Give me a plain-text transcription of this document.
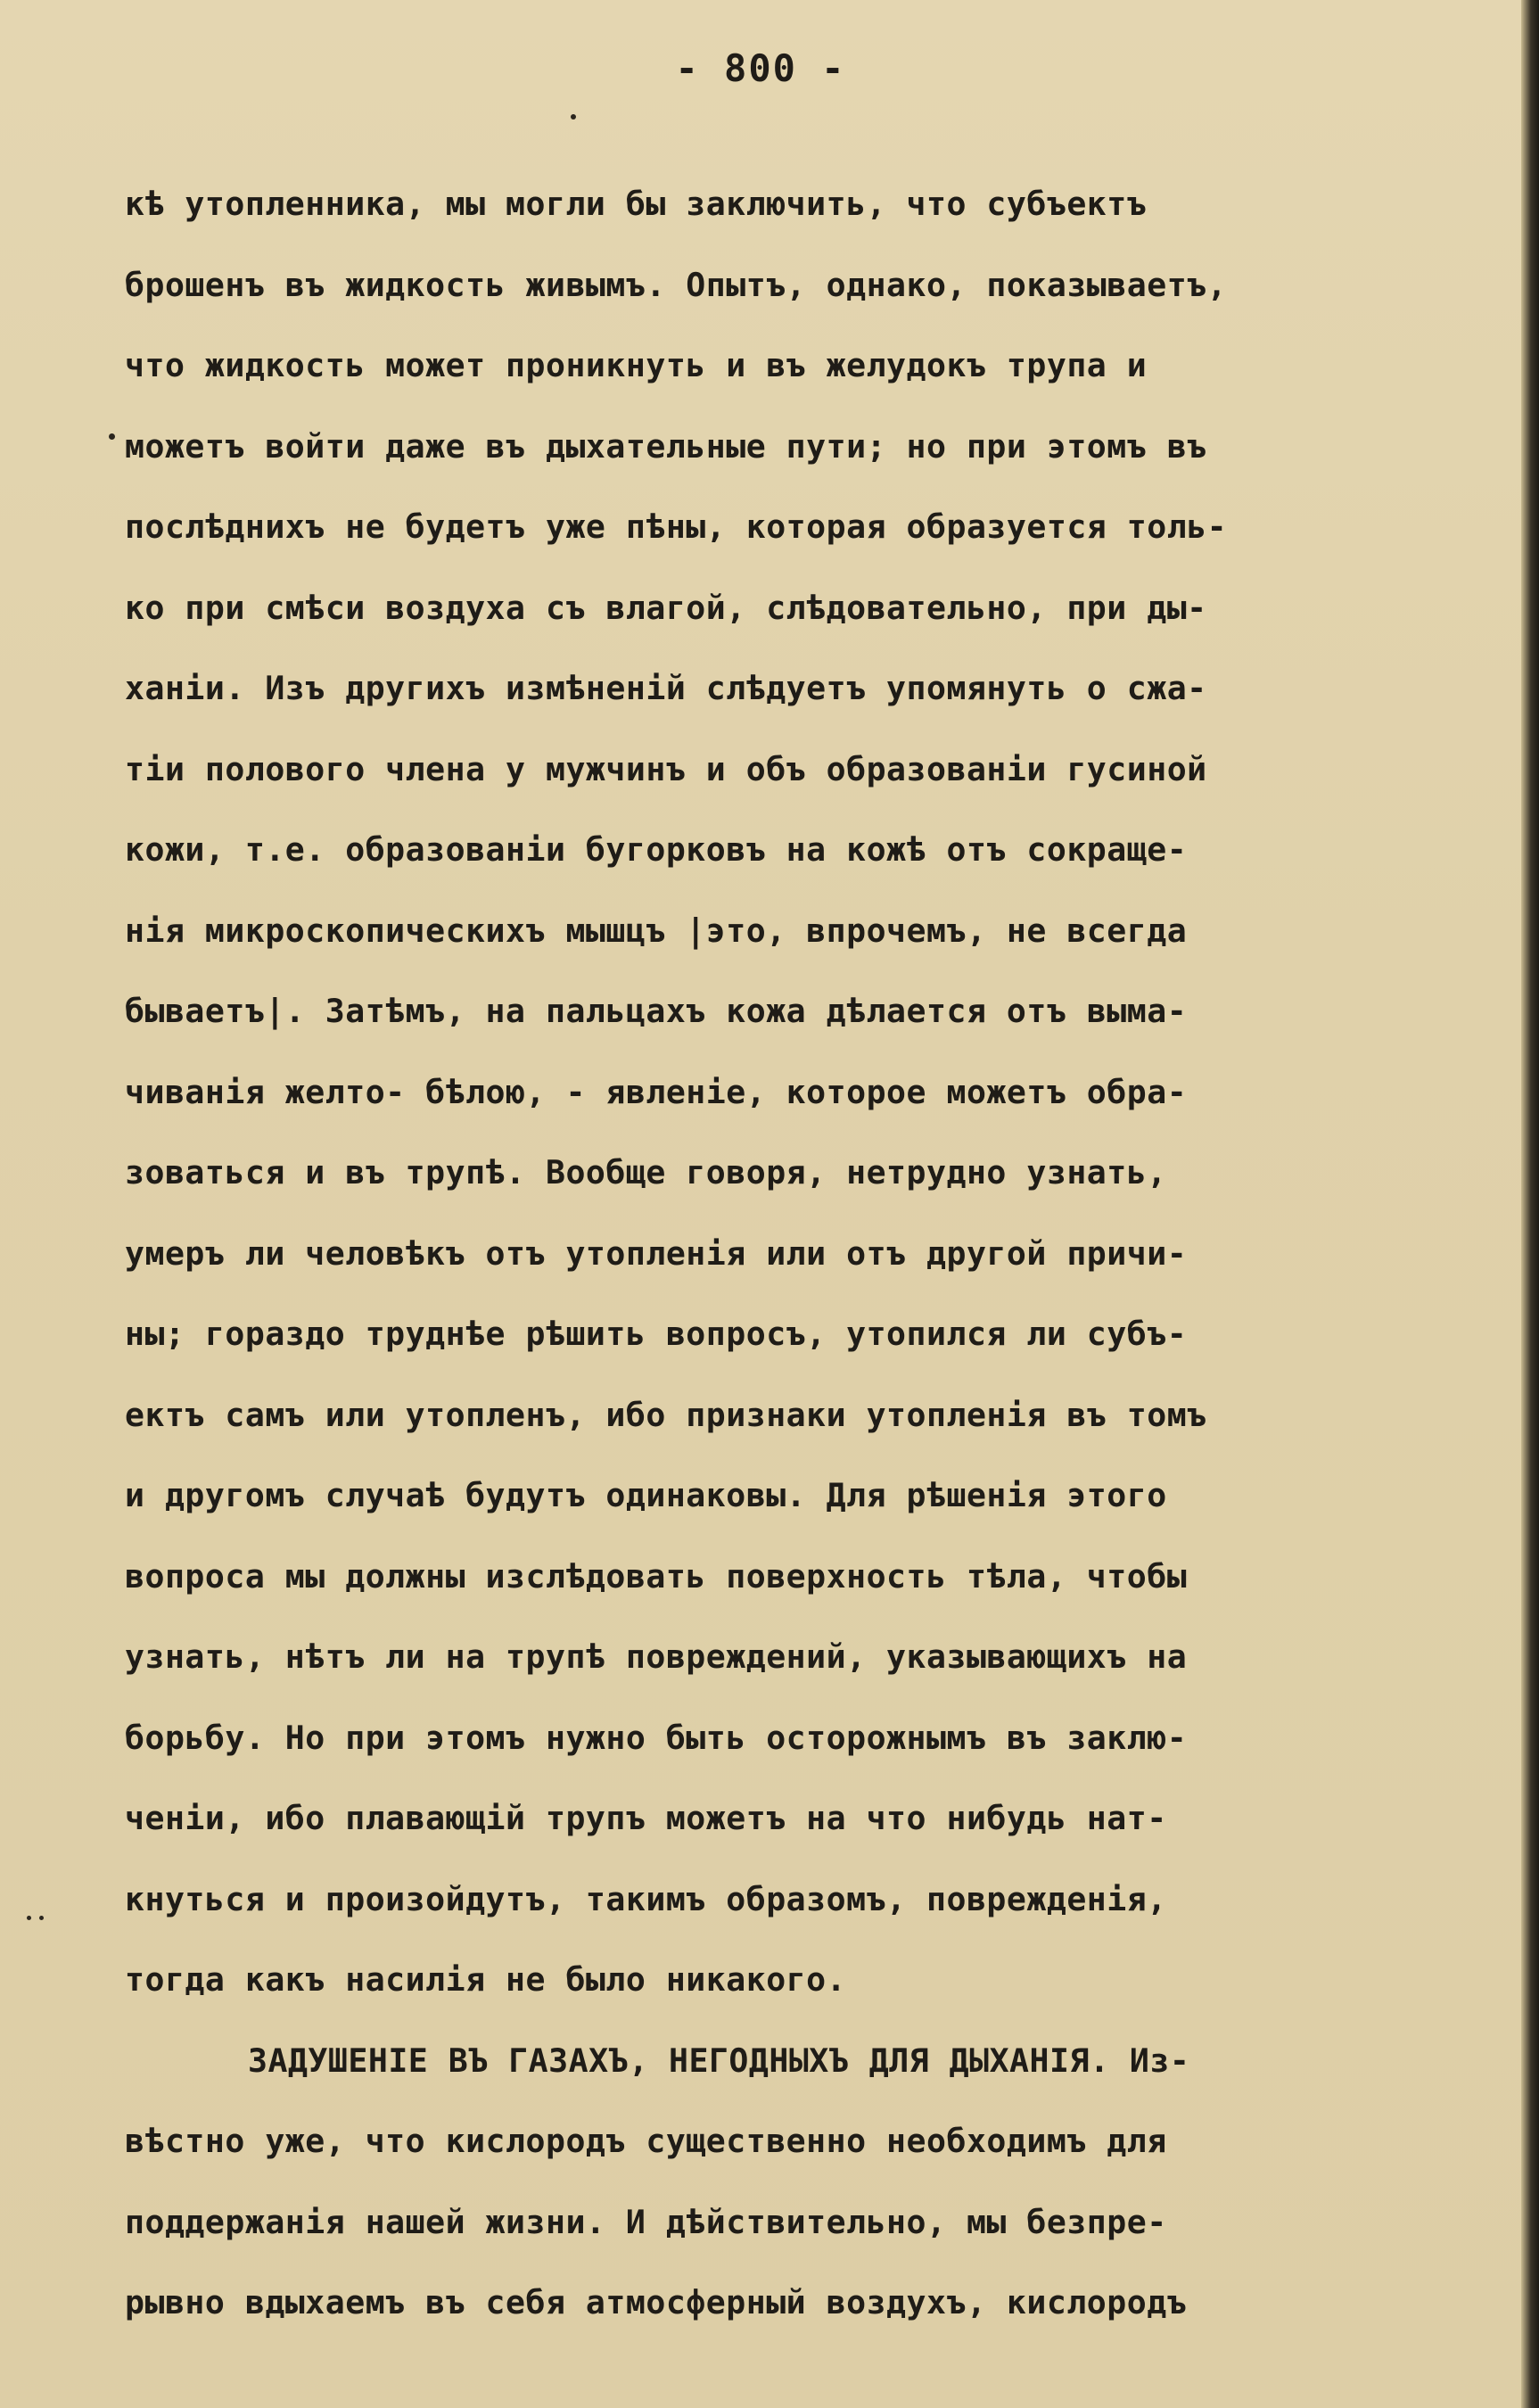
- 800 -
кѣ утопленника, мы могли бы заключить, что субъектъ
брошенъ въ жидкость живымъ. Опытъ, однако, показываетъ,
что жидкость может проникнуть и въ желудокъ трупа и
можетъ войти даже въ дыхательные пути; но при этомъ въ
послѣднихъ не будетъ уже пѣны, которая образуется толь-
ко при смѣси воздуха съ влагой, слѣдовательно, при ды-
ханіи. Изъ другихъ измѣненій слѣдуетъ упомянуть о сжа-
тіи полового члена у мужчинъ и объ образованіи гусиной
кожи, т.е. образованіи бугорковъ на кожѣ отъ сокраще-
нія микроскопическихъ мышцъ |это, впрочемъ, не всегда
бываетъ|. Затѣмъ, на пальцахъ кожа дѣлается отъ выма-
чиванія желто- бѣлою, - явленіе, которое можетъ обра-
зоваться и въ трупѣ. Вообще говоря, нетрудно узнать,
умеръ ли человѣкъ отъ утопленія или отъ другой причи-
ны; гораздо труднѣе рѣшить вопросъ, утопился ли субъ-
ектъ самъ или утопленъ, ибо признаки утопленія въ томъ
и другомъ случаѣ будутъ одинаковы. Для рѣшенія этого
вопроса мы должны изслѣдовать поверхность тѣла, чтобы
узнать, нѣтъ ли на трупѣ повреждений, указывающихъ на
борьбу. Но при этомъ нужно быть осторожнымъ въ заклю-
ченіи, ибо плавающій трупъ можетъ на что нибудь нат-
кнуться и произойдутъ, такимъ образомъ, поврежденія,
тогда какъ насилія не было никакого.
ЗАДУШЕНІЕ ВЪ ГАЗАХЪ, НЕГОДНЫХЪ ДЛЯ ДЫХАНІЯ. Из-
вѣстно уже, что кислородъ существенно необходимъ для
поддержанія нашей жизни. И дѣйствительно, мы безпре-
рывно вдыхаемъ въ себя атмосферный воздухъ, кислородъ
